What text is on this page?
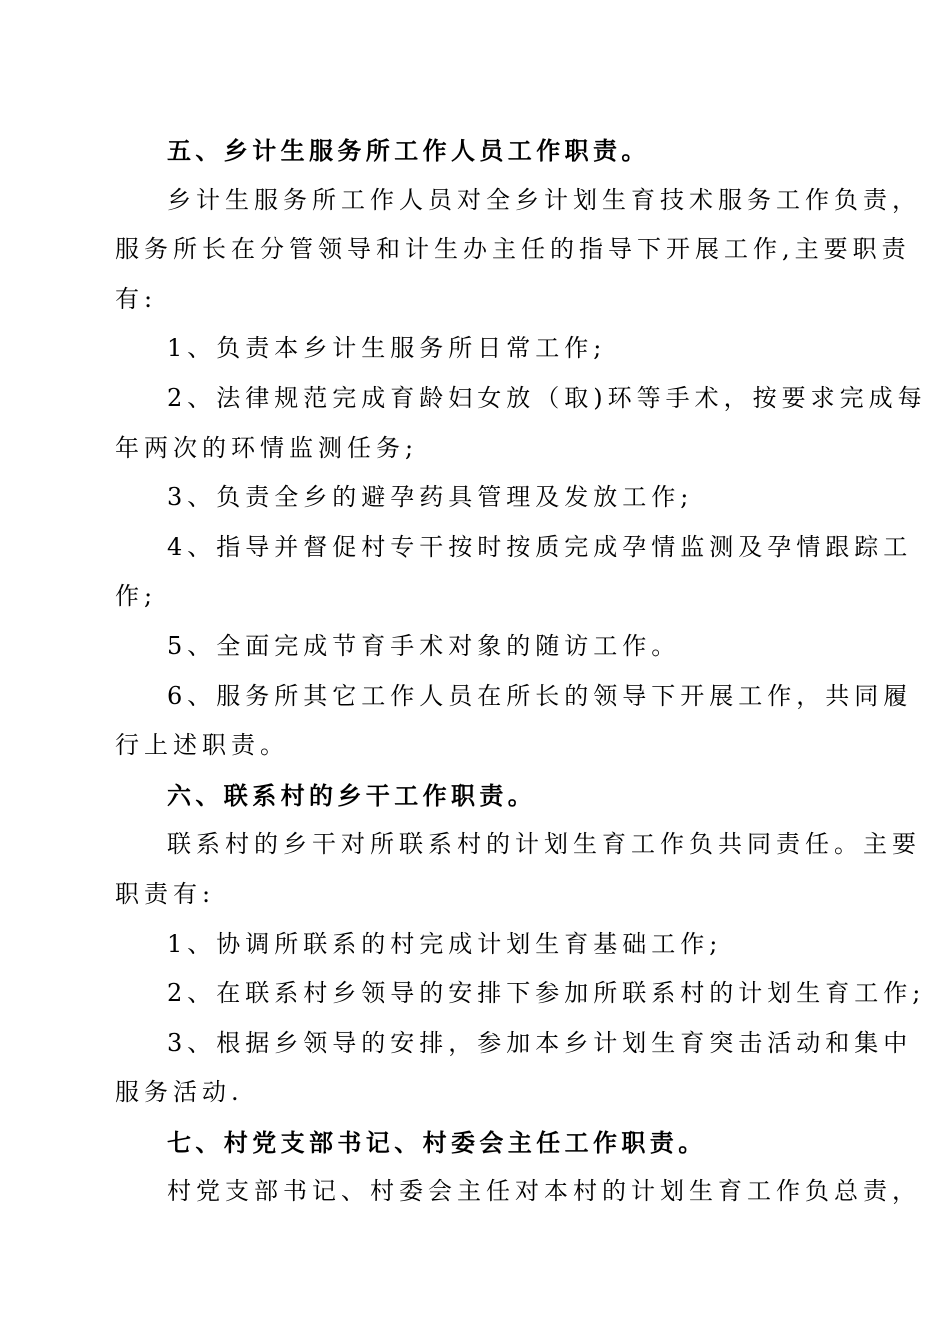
五、乡计生服务所工作人员工作职责。

乡计生服务所工作人员对全乡计划生育技术服务工作负责，

服务所长在分管领导和计生办主任的指导下开展工作,主要职责

有:

1、负责本乡计生服务所日常工作;

2、法律规范完成育龄妇女放（取)环等手术，按要求完成每

年两次的环情监测任务;

3、负责全乡的避孕药具管理及发放工作;

4、指导并督促村专干按时按质完成孕情监测及孕情跟踪工

作;

5、全面完成节育手术对象的随访工作。

6、服务所其它工作人员在所长的领导下开展工作，共同履

行上述职责。

六、联系村的乡干工作职责。

联系村的乡干对所联系村的计划生育工作负共同责任。主要

职责有:

1、协调所联系的村完成计划生育基础工作;

2、在联系村乡领导的安排下参加所联系村的计划生育工作;

3、根据乡领导的安排，参加本乡计划生育突击活动和集中

服务活动.

七、村党支部书记、村委会主任工作职责。

村党支部书记、村委会主任对本村的计划生育工作负总责，
